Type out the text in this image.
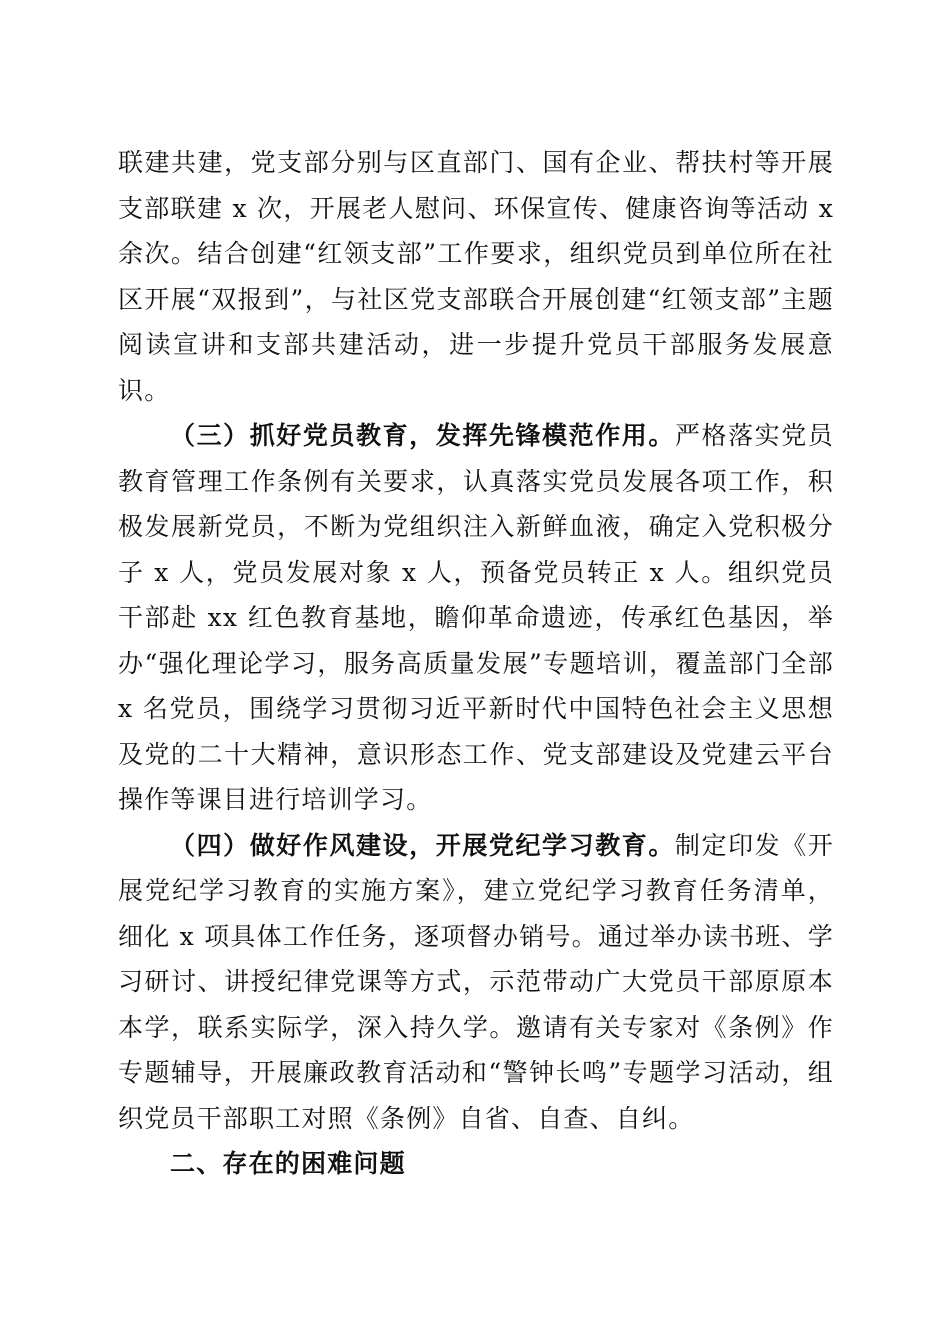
联建共建，党支部分别与区直部门、国有企业、帮扶村等开展支部联建 x 次，开展老人慰问、环保宣传、健康咨询等活动 x 余次。结合创建“红领支部”工作要求，组织党员到单位所在社区开展“双报到”，与社区党支部联合开展创建“红领支部”主题阅读宣讲和支部共建活动，进一步提升党员干部服务发展意识。

（三）抓好党员教育，发挥先锋模范作用。严格落实党员教育管理工作条例有关要求，认真落实党员发展各项工作，积极发展新党员，不断为党组织注入新鲜血液，确定入党积极分子 x 人，党员发展对象 x 人，预备党员转正 x 人。组织党员干部赴 xx 红色教育基地，瞻仰革命遗迹，传承红色基因，举办“强化理论学习，服务高质量发展”专题培训，覆盖部门全部 x 名党员，围绕学习贯彻习近平新时代中国特色社会主义思想及党的二十大精神，意识形态工作、党支部建设及党建云平台操作等课目进行培训学习。

（四）做好作风建设，开展党纪学习教育。制定印发《开展党纪学习教育的实施方案》，建立党纪学习教育任务清单，细化 x 项具体工作任务，逐项督办销号。通过举办读书班、学习研讨、讲授纪律党课等方式，示范带动广大党员干部原原本本学，联系实际学，深入持久学。邀请有关专家对《条例》作专题辅导，开展廉政教育活动和“警钟长鸣”专题学习活动，组织党员干部职工对照《条例》自省、自查、自纠。

二、存在的困难问题
